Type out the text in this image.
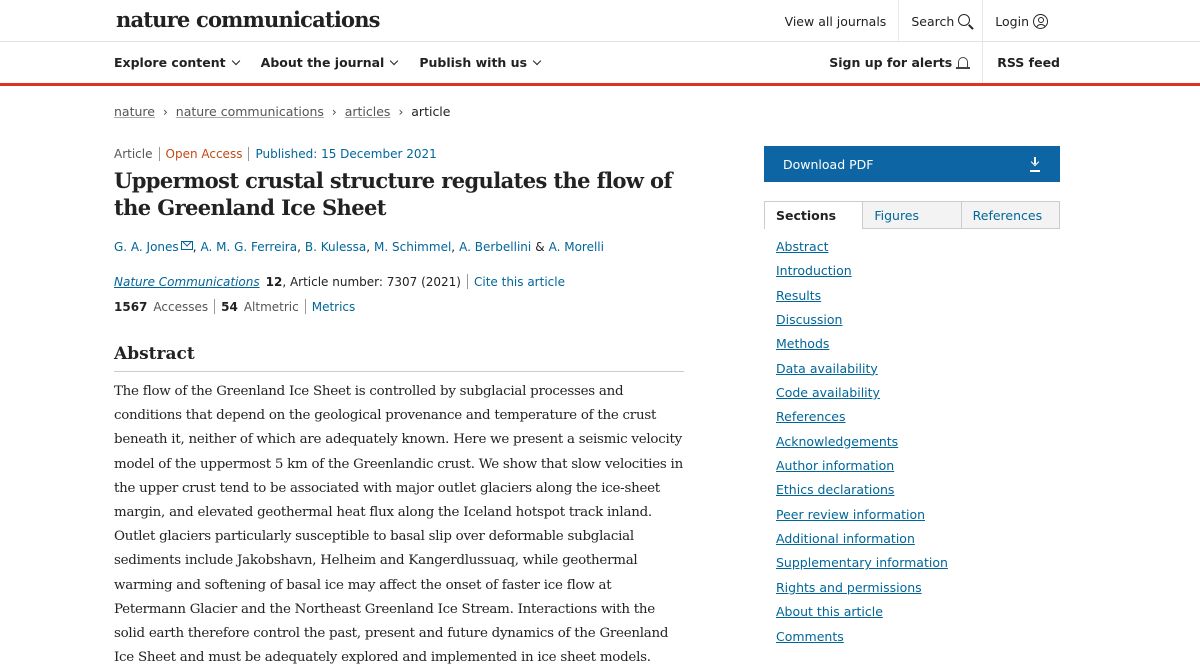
nature communications	View all journals Search	Login
Explore content	About the journal	Publish with us	Sign up for alerts	RSS feed
nature › nature communications › articles › article
Article Open Access Published: 15 December 2021
Uppermost crustal structure regulates the flow of the Greenland Ice Sheet
G. A. Jones , A. M. G. Ferreira , B. Kulessa , M. Schimmel , A. Berbellini & A. Morelli
Nature Communications 12 , Article number: 7307 (2021) Cite this article
1567 Accesses 54 Altmetric Metrics
Abstract

The flow of the Greenland Ice Sheet is controlled by subglacial processes and conditions that depend on the geological provenance and temperature of the crust beneath it, neither of which are adequately known. Here we present a seismic velocity model of the uppermost 5 km of the Greenlandic crust. We show that slow velocities in the upper crust tend to be associated with major outlet glaciers along the ice-sheet margin, and elevated geothermal heat flux along the Iceland hotspot track inland. Outlet glaciers particularly susceptible to basal slip over deformable subglacial sediments include Jakobshavn, Helheim and Kangerdlussuaq, while geothermal warming and softening of basal ice may affect the onset of faster ice flow at Petermann Glacier and the Northeast Greenland Ice Stream. Interactions with the solid earth therefore control the past, present and future dynamics of the Greenland Ice Sheet and must be adequately explored and implemented in ice sheet models.

Download PDF
Sections	Figures	References
Abstract
Introduction
Results
Discussion
Methods
Data availability
Code availability
References
Acknowledgements
Author information
Ethics declarations
Peer review information
Additional information
Supplementary information
Rights and permissions
About this article
Comments
